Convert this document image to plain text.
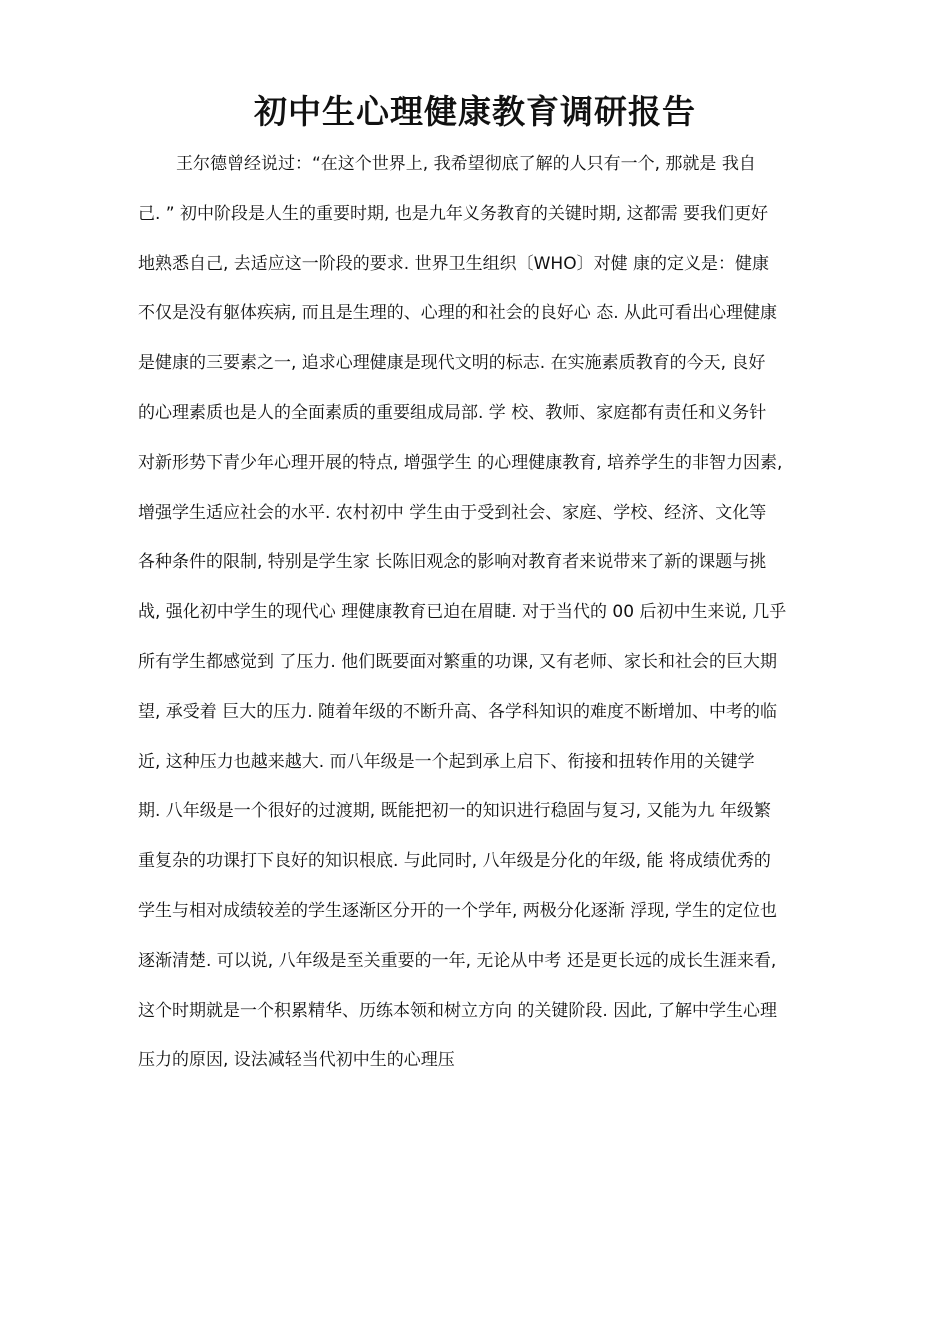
初中生心理健康教育调研报告
王尔德曾经说过：“在这个世界上, 我希望彻底了解的人只有一个, 那就是 我自
己. ” 初中阶段是人生的重要时期, 也是九年义务教育的关键时期, 这都需 要我们更好
地熟悉自己, 去适应这一阶段的要求. 世界卫生组织〔WHO〕对健 康的定义是：健康
不仅是没有躯体疾病, 而且是生理的、心理的和社会的良好心 态. 从此可看出心理健康
是健康的三要素之一, 追求心理健康是现代文明的标志. 在实施素质教育的今天, 良好
的心理素质也是人的全面素质的重要组成局部. 学 校、教师、家庭都有责任和义务针
对新形势下青少年心理开展的特点, 增强学生 的心理健康教育, 培养学生的非智力因素,
增强学生适应社会的水平. 农村初中 学生由于受到社会、家庭、学校、经济、文化等
各种条件的限制, 特别是学生家 长陈旧观念的影响对教育者来说带来了新的课题与挑
战, 强化初中学生的现代心 理健康教育已迫在眉睫. 对于当代的 00 后初中生来说, 几乎
所有学生都感觉到 了压力. 他们既要面对繁重的功课, 又有老师、家长和社会的巨大期
望, 承受着 巨大的压力. 随着年级的不断升高、各学科知识的难度不断增加、中考的临
近, 这种压力也越来越大. 而八年级是一个起到承上启下、衔接和扭转作用的关键学
期. 八年级是一个很好的过渡期, 既能把初一的知识进行稳固与复习, 又能为九 年级繁
重复杂的功课打下良好的知识根底. 与此同时, 八年级是分化的年级, 能 将成绩优秀的
学生与相对成绩较差的学生逐渐区分开的一个学年, 两极分化逐渐 浮现, 学生的定位也
逐渐清楚. 可以说, 八年级是至关重要的一年, 无论从中考 还是更长远的成长生涯来看,
这个时期就是一个积累精华、历练本领和树立方向 的关键阶段. 因此, 了解中学生心理
压力的原因, 设法减轻当代初中生的心理压
